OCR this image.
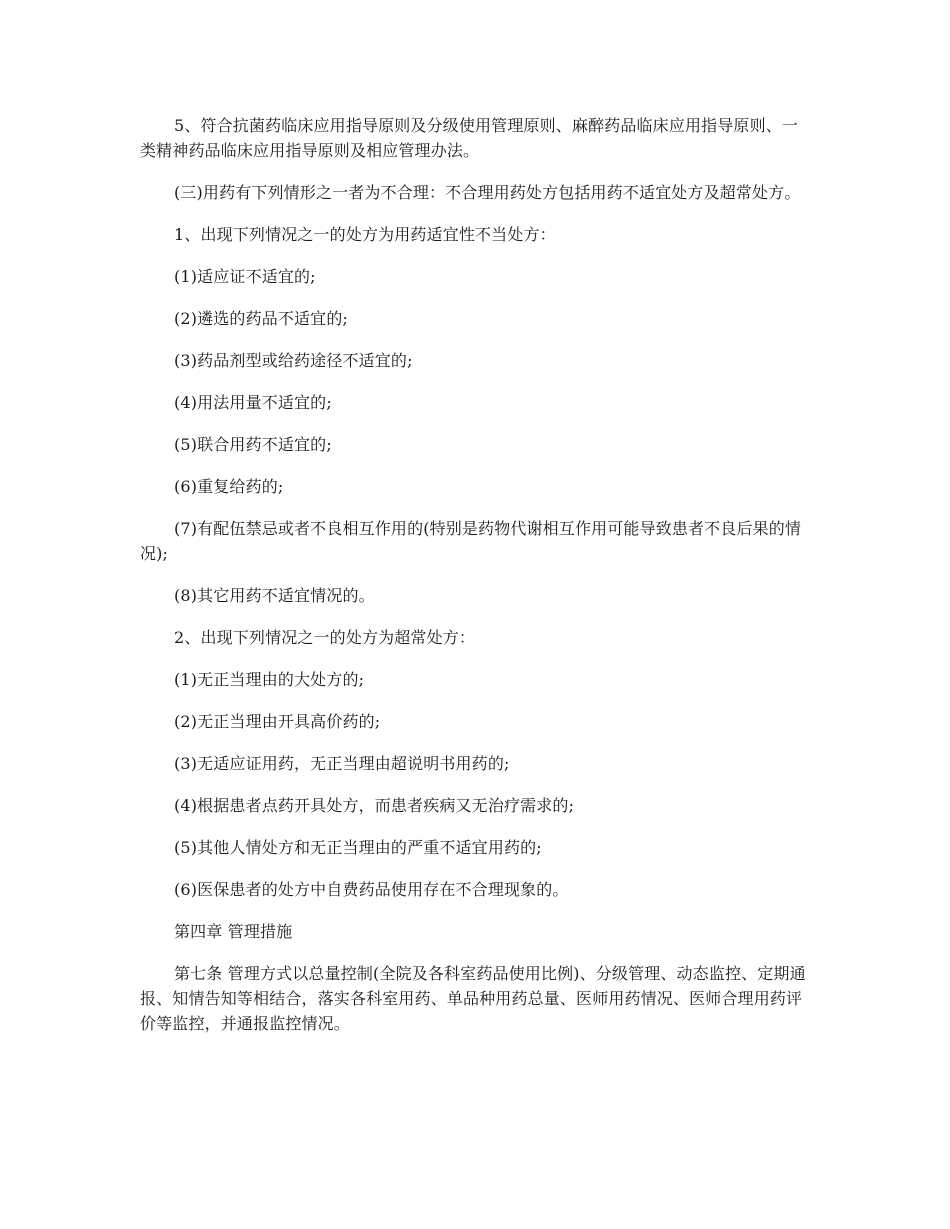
5、符合抗菌药临床应用指导原则及分级使用管理原则、麻醉药品临床应用指导原则、一类精神药品临床应用指导原则及相应管理办法。

(三)用药有下列情形之一者为不合理：不合理用药处方包括用药不适宜处方及超常处方。

1、出现下列情况之一的处方为用药适宜性不当处方：

(1)适应证不适宜的;

(2)遴选的药品不适宜的;

(3)药品剂型或给药途径不适宜的;

(4)用法用量不适宜的;

(5)联合用药不适宜的;

(6)重复给药的;

(7)有配伍禁忌或者不良相互作用的(特别是药物代谢相互作用可能导致患者不良后果的情况);

(8)其它用药不适宜情况的。

2、出现下列情况之一的处方为超常处方：

(1)无正当理由的大处方的;

(2)无正当理由开具高价药的;

(3)无适应证用药，无正当理由超说明书用药的;

(4)根据患者点药开具处方，而患者疾病又无治疗需求的;

(5)其他人情处方和无正当理由的严重不适宜用药的;

(6)医保患者的处方中自费药品使用存在不合理现象的。

第四章 管理措施

第七条 管理方式以总量控制(全院及各科室药品使用比例)、分级管理、动态监控、定期通报、知情告知等相结合，落实各科室用药、单品种用药总量、医师用药情况、医师合理用药评价等监控，并通报监控情况。
